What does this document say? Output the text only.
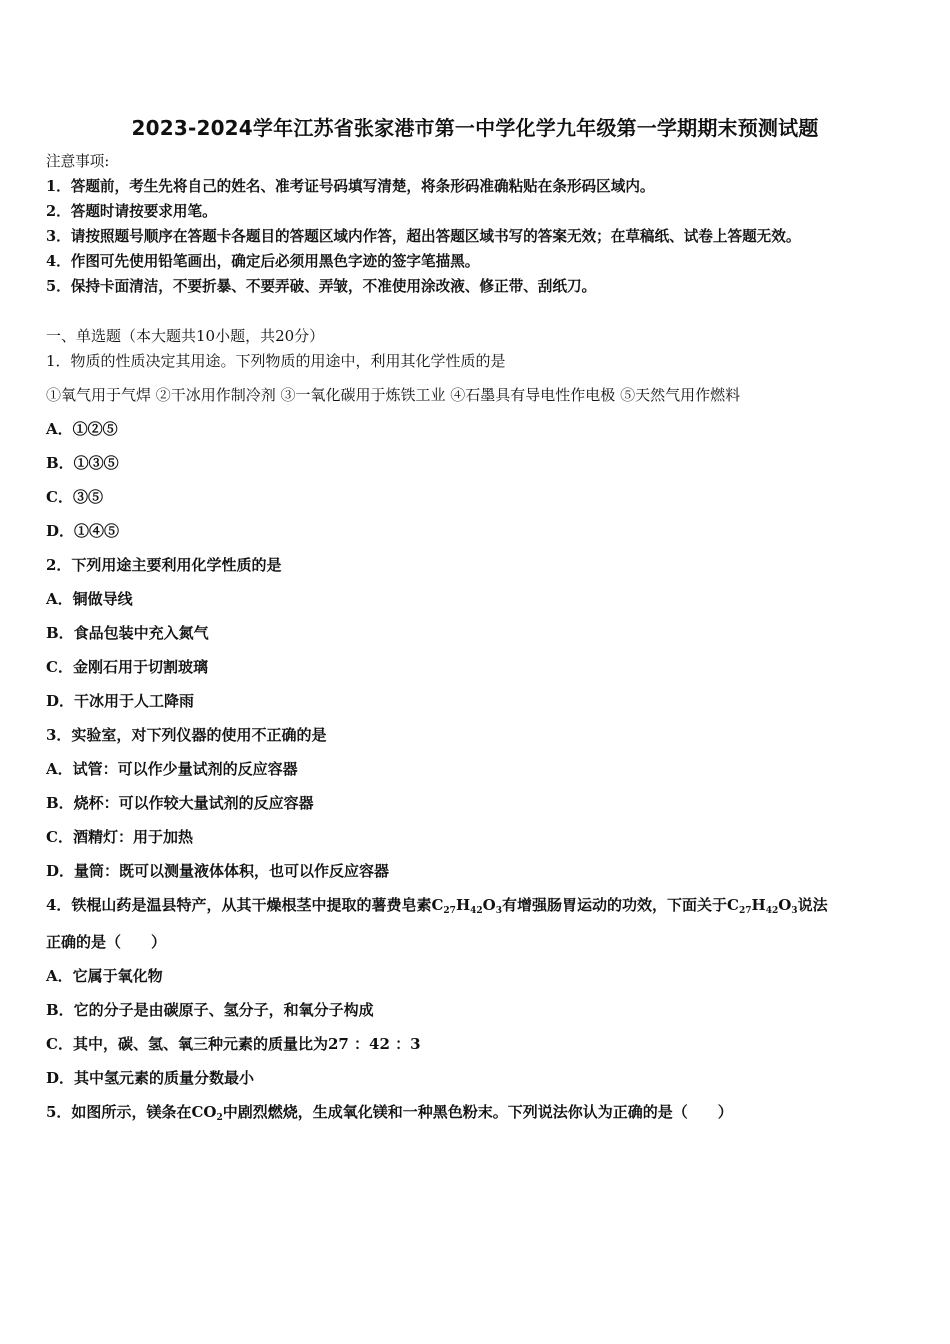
2023-2024学年江苏省张家港市第一中学化学九年级第一学期期末预测试题
注意事项:
1．答题前，考生先将自己的姓名、准考证号码填写清楚，将条形码准确粘贴在条形码区域内。
2．答题时请按要求用笔。
3．请按照题号顺序在答题卡各题目的答题区域内作答，超出答题区域书写的答案无效；在草稿纸、试卷上答题无效。
4．作图可先使用铅笔画出，确定后必须用黑色字迹的签字笔描黑。
5．保持卡面清洁，不要折暴、不要弄破、弄皱，不准使用涂改液、修正带、刮纸刀。
一、单选题（本大题共10小题，共20分）
1．物质的性质决定其用途。下列物质的用途中，利用其化学性质的是
①氧气用于气焊 ②干冰用作制冷剂 ③一氧化碳用于炼铁工业 ④石墨具有导电性作电极 ⑤天然气用作燃料
A．①②⑤
B．①③⑤
C．③⑤
D．①④⑤
2．下列用途主要利用化学性质的是
A．铜做导线
B．食品包装中充入氮气
C．金刚石用于切割玻璃
D．干冰用于人工降雨
3．实验室，对下列仪器的使用不正确的是
A．试管：可以作少量试剂的反应容器
B．烧杯：可以作较大量试剂的反应容器
C．酒精灯：用于加热
D．量筒：既可以测量液体体积，也可以作反应容器
4．铁棍山药是温县特产，从其干燥根茎中提取的薯费皂素$C_{27}H_{42}O_3$有增强肠胃运动的功效，下面关于$C_{27}H_{42}O_3$说法
正确的是（　　）
A．它属于氧化物
B．它的分子是由碳原子、氢分子，和氧分子构成
C．其中，碳、氢、氧三种元素的质量比为27 ：42 ：3
D．其中氢元素的质量分数最小
5．如图所示，镁条在$CO_2$中剧烈燃烧，生成氧化镁和一种黑色粉末。下列说法你认为正确的是（　　）
